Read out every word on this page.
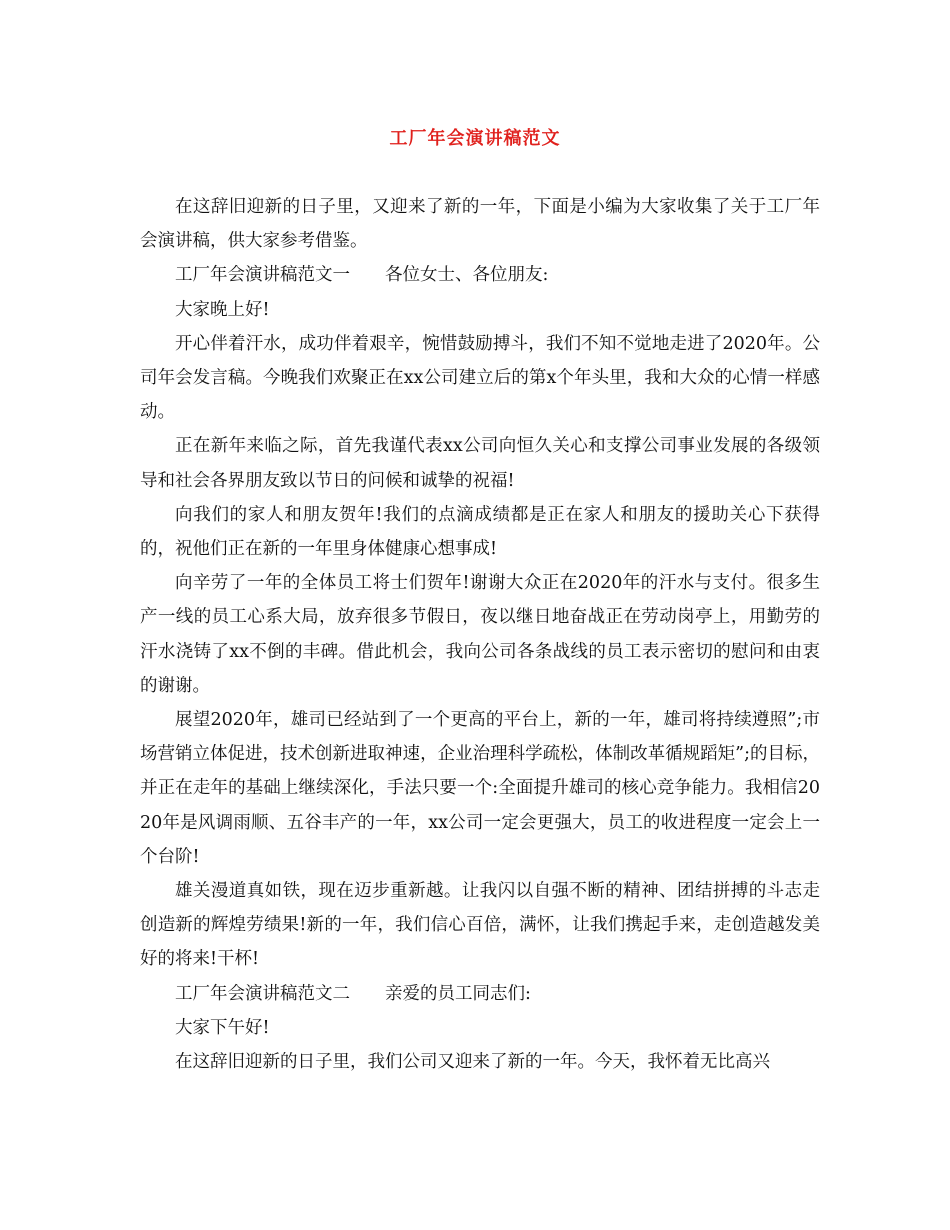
工厂年会演讲稿范文

在这辞旧迎新的日子里，又迎来了新的一年，下面是小编为大家收集了关于工厂年会演讲稿，供大家参考借鉴。

工厂年会演讲稿范文一　　各位女士、各位朋友:

大家晚上好!

开心伴着汗水，成功伴着艰辛，惋惜鼓励搏斗，我们不知不觉地走进了2020年。公司年会发言稿。今晚我们欢聚正在xx公司建立后的第x个年头里，我和大众的心情一样感动。

正在新年来临之际，首先我谨代表xx公司向恒久关心和支撑公司事业发展的各级领导和社会各界朋友致以节日的问候和诚挚的祝福!

向我们的家人和朋友贺年!我们的点滴成绩都是正在家人和朋友的援助关心下获得的，祝他们正在新的一年里身体健康心想事成!

向辛劳了一年的全体员工将士们贺年!谢谢大众正在2020年的汗水与支付。很多生产一线的员工心系大局，放弃很多节假日，夜以继日地奋战正在劳动岗亭上，用勤劳的汗水浇铸了xx不倒的丰碑。借此机会，我向公司各条战线的员工表示密切的慰问和由衷的谢谢。

展望2020年，雄司已经站到了一个更高的平台上，新的一年，雄司将持续遵照”;市场营销立体促进，技术创新进取神速，企业治理科学疏松，体制改革循规蹈矩”;的目标，并正在走年的基础上继续深化，手法只要一个:全面提升雄司的核心竞争能力。我相信2020年是风调雨顺、五谷丰产的一年，xx公司一定会更强大，员工的收进程度一定会上一个台阶!

雄关漫道真如铁，现在迈步重新越。让我闪以自强不断的精神、团结拼搏的斗志走创造新的辉煌劳绩果!新的一年，我们信心百倍，满怀，让我们携起手来，走创造越发美好的将来!干杯!

工厂年会演讲稿范文二　　亲爱的员工同志们:

大家下午好!

在这辞旧迎新的日子里，我们公司又迎来了新的一年。今天，我怀着无比高兴
